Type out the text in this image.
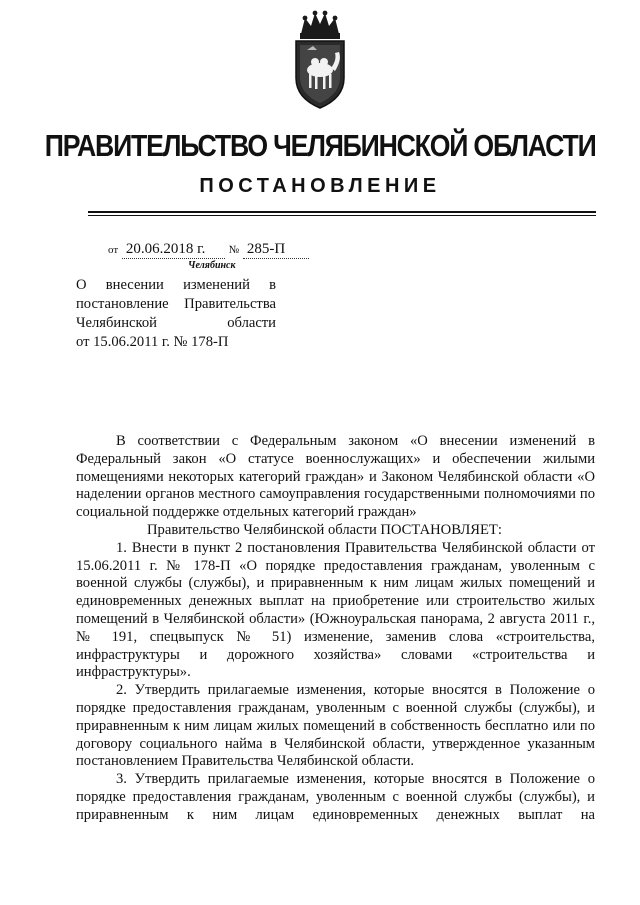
ПРАВИТЕЛЬСТВО ЧЕЛЯБИНСКОЙ ОБЛАСТИ
ПОСТАНОВЛЕНИЕ
от 20.06.2018 г. № 285-П
Челябинск
О внесении изменений в
постановление Правительства
Челябинской области
от 15.06.2011 г. № 178-П

В соответствии с Федеральным законом «О внесении изменений в Федеральный закон «О статусе военнослужащих» и обеспечении жилыми помещениями некоторых категорий граждан» и Законом Челябинской области «О наделении органов местного самоуправления государственными полномочиями по социальной поддержке отдельных категорий граждан»

Правительство Челябинской области ПОСТАНОВЛЯЕТ:

1. Внести в пункт 2 постановления Правительства Челябинской области от 15.06.2011 г. № 178-П «О порядке предоставления гражданам, уволенным с военной службы (службы), и приравненным к ним лицам жилых помещений и единовременных денежных выплат на приобретение или строительство жилых помещений в Челябинской области» (Южноуральская панорама, 2 августа 2011 г., № 191, спецвыпуск № 51) изменение, заменив слова «строительства, инфраструктуры и дорожного хозяйства» словами «строительства и инфраструктуры».

2. Утвердить прилагаемые изменения, которые вносятся в Положение о порядке предоставления гражданам, уволенным с военной службы (службы), и приравненным к ним лицам жилых помещений в собственность бесплатно или по договору социального найма в Челябинской области, утвержденное указанным постановлением Правительства Челябинской области.

3. Утвердить прилагаемые изменения, которые вносятся в Положение о порядке предоставления гражданам, уволенным с военной службы (службы), и приравненным к ним лицам единовременных денежных выплат на
